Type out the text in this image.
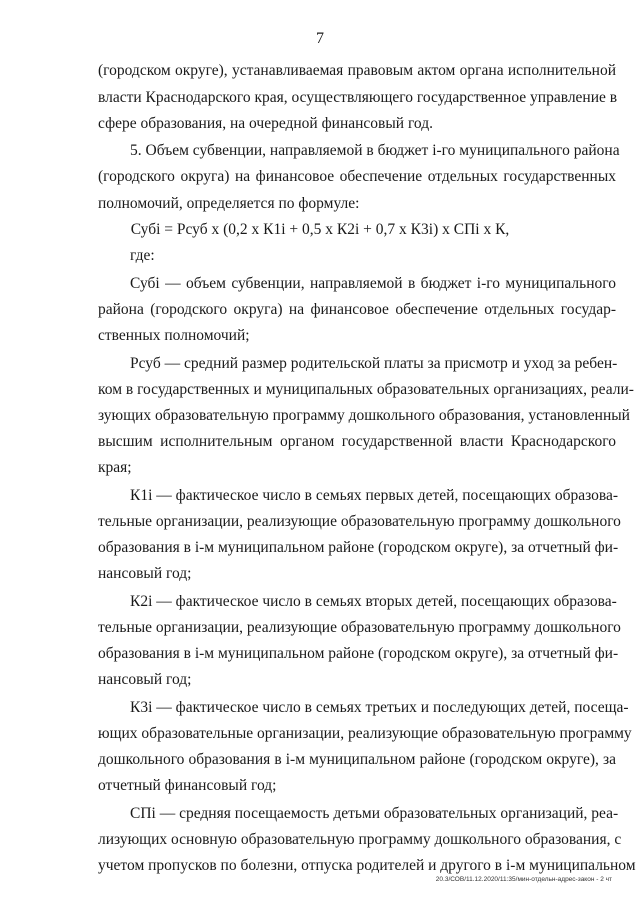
7
(городском округе), устанавливаемая правовым актом органа исполнительной
власти Краснодарского края, осуществляющего государственное управление в
сфере образования, на очередной финансовый год.
5. Объем субвенции, направляемой в бюджет i-го муниципального района
(городского округа) на финансовое обеспечение отдельных государственных
полномочий, определяется по формуле:
Субi = Рсуб x (0,2 x К1i + 0,5 x К2i + 0,7 x К3i) x СПi x К,
где:
Субi — объем субвенции, направляемой в бюджет i-го муниципального
района (городского округа) на финансовое обеспечение отдельных государ-
ственных полномочий;
Рсуб — средний размер родительской платы за присмотр и уход за ребен-
ком в государственных и муниципальных образовательных организациях, реали-
зующих образовательную программу дошкольного образования, установленный
высшим исполнительным органом государственной власти Краснодарского
края;
К1i — фактическое число в семьях первых детей, посещающих образова-
тельные организации, реализующие образовательную программу дошкольного
образования в i-м муниципальном районе (городском округе), за отчетный фи-
нансовый год;
К2i — фактическое число в семьях вторых детей, посещающих образова-
тельные организации, реализующие образовательную программу дошкольного
образования в i-м муниципальном районе (городском округе), за отчетный фи-
нансовый год;
К3i — фактическое число в семьях третьих и последующих детей, посеща-
ющих образовательные организации, реализующие образовательную программу
дошкольного образования в i-м муниципальном районе (городском округе), за
отчетный финансовый год;
СПi — средняя посещаемость детьми образовательных организаций, реа-
лизующих основную образовательную программу дошкольного образования, с
учетом пропусков по болезни, отпуска родителей и другого в i-м муниципальном
20.3/СОВ/11.12.2020/11:35/мин-отдельн-адрес-закон - 2 чт
